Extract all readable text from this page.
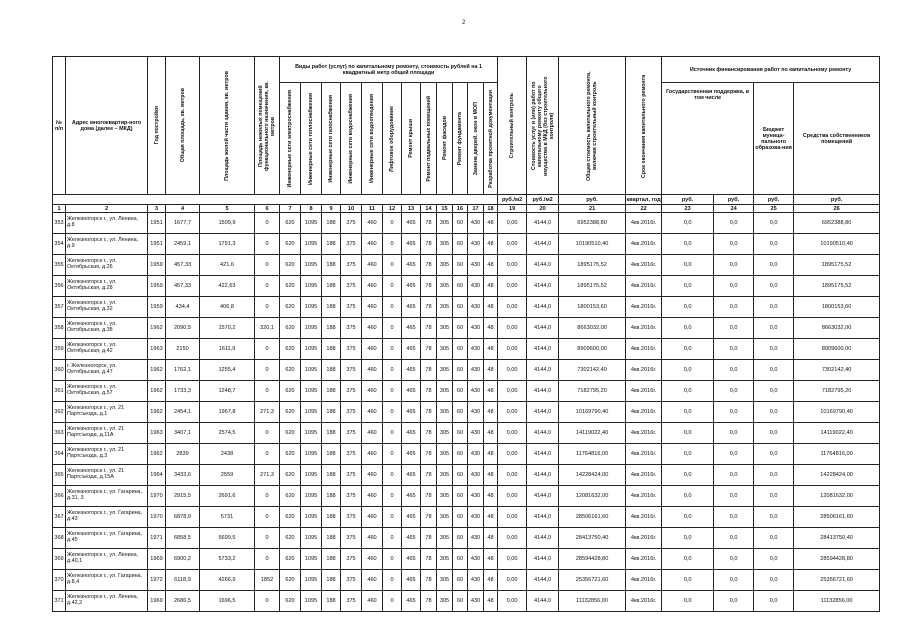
2
№ п/п	Адрес многоквартир-ного дома (далее – МКД)	Год постройки	Общая площадь, кв. метров	Площадь жилой части здания, кв. метров	Площадь нежилых помещений функционального назначения, кв. метров	Виды работ (услуг) по капитальному ремонту, стоимость рублей на 1 квадратный метр общей площади												Строительный контроль	Стоимость услуг и (или) работ по капитальному ремонту общего имущества в МКД (без строительного контроля)	Общая стоимость капитального ремонта, включая строительный контроль	Срок окончания капитального ремонта	Источник финансирования работ по капитальному ремонту			

						Инженерные сети электроснабжения	Инженерные сети теплоснабжения	Инженерные сети газоснабжения	Инженерные сети водоснабжения	Инженерные сети водоотведения	Лифтовое оборудование	Ремонт крыши	Ремонт подвальных помещений	Ремонт фасадов	Ремонт фундамента	Замена дверей, окон в МОП	Разработка проектной документации					Государственная поддержка, в том числе		Бюджет муници-пального образова-ния	Средства собственников помещений
																		руб./м2	руб./м2	руб.	квартал, год	руб.	руб.	руб.	руб.
1	2	3	4	5	6	7	8	9	10	11	12	13	14	15	16	17	18	19	20	21	22	23	24	25	26
353	Железногорск г., ул. Ленина, д.8	1951	1677,7	1509,9	0	620	1095	188	375	460	0	465	78	305	60	430	48	0,00	4144,0	6952388,80	4кв.2016г.	0,0	0,0	0,0	6952388,80
354	Железногорск г., ул. Ленина, д.9	1951	2459,1	1791,3	0	620	1095	188	375	460	0	465	78	305	60	430	48	0,00	4144,0	10190510,40	4кв.2016г.	0,0	0,0	0,0	10190510,40
355	Железногорск г., ул. Октябрьская, д.26	1959	457,33	421,6	0	620	1095	188	375	460	0	465	78	305	60	430	48	0,00	4144,0	1895175,52	4кв.2016г.	0,0	0,0	0,0	1895175,52
356	Железногорск г., ул. Октябрьская, д.28	1959	457,33	422,63	0	620	1095	188	375	460	0	465	78	305	60	430	48	0,00	4144,0	1895175,52	4кв.2016г.	0,0	0,0	0,0	1895175,52
357	Железногорск г., ул. Октябрьская, д.32	1959	434,4	406,8	0	620	1095	188	375	460	0	465	78	305	60	430	48	0,00	4144,0	1800153,60	4кв.2016г.	0,0	0,0	0,0	1800153,60
358	Железногорск г., ул. Октябрьская, д.38	1962	2090,5	1570,2	320,1	620	1095	188	375	460	0	465	78	305	60	430	48	0,00	4144,0	8663032,00	4кв.2016г.	0,0	0,0	0,0	8663032,00
359	Железногорск г., ул. Октябрьская, д.42	1963	2150	1611,9	0	620	1095	188	375	460	0	465	78	305	60	430	48	0,00	4144,0	8909600,00	4кв.2016г.	0,0	0,0	0,0	8909600,00
360	г. Железногорск, ул. Октябрьская, д.47	1962	1762,1	1255,4	0	620	1095	188	375	460	0	465	78	305	60	430	48	0,00	4144,0	7302142,40	4кв.2016г.	0,0	0,0	0,0	7302142,40
361	Железногорск г., ул. Октябрьская, д.57	1962	1733,3	1248,7	0	620	1095	188	375	460	0	465	78	305	60	430	48	0,00	4144,0	7182795,20	4кв.2016г.	0,0	0,0	0,0	7182795,20
362	Железногорск г., ул. 21 Партсъезда, д.1	1962	2454,1	1967,8	271,3	620	1095	188	375	460	0	465	78	305	60	430	48	0,00	4144,0	10169790,40	4кв.2016г.	0,0	0,0	0,0	10169790,40
363	Железногорск г., ул. 21 Партсъезда, д.11А	1963	3407,1	2574,5	0	620	1095	188	375	460	0	465	78	305	60	430	48	0,00	4144,0	14119022,40	4кв.2016г.	0,0	0,0	0,0	14119022,40
364	Железногорск г., ул. 21 Партсъезда, д.3	1962	2839	2438	0	620	1095	188	375	460	0	465	78	305	60	430	48	0,00	4144,0	11764816,00	4кв.2016г.	0,0	0,0	0,0	11764816,00
365	Железногорск г., ул. 21 Партсъезда, д.15А	1964	3433,6	2559	271,3	620	1095	188	375	460	0	465	78	305	60	430	48	0,00	4144,0	14228424,00	4кв.2016г.	0,0	0,0	0,0	14228424,00
366	Железногорск г., ул. Гагарина, д.31, 3	1970	2915,5	2691,6	0	620	1095	188	375	460	0	465	78	305	60	430	48	0,00	4144,0	12081632,00	4кв.2016г.	0,0	0,0	0,0	12081632,00
367	Железногорск г., ул. Гагарина, д.43	1970	6878,9	5731	0	620	1095	188	375	460	0	465	78	305	60	430	48	0,00	4144,0	28506161,60	4кв.2016г.	0,0	0,0	0,0	28506161,60
368	Железногорск г., ул. Гагарина, д.45	1971	6858,5	5699,5	0	620	1095	188	375	460	0	465	78	305	60	430	48	0,00	4144,0	28413750,40	4кв.2016г.	0,0	0,0	0,0	28413750,40
369	Железногорск г., ул. Ленина, д.40,1	1969	6900,2	5733,2	0	620	1095	188	375	460	0	465	78	305	60	430	48	0,00	4144,0	28594428,80	4кв.2016г.	0,0	0,0	0,0	28594428,80
370	Железногорск г., ул. Гагарина, д.8,4	1972	6118,9	4266,9	1852	620	1095	188	375	460	0	465	78	305	60	430	48	0,00	4144,0	25356721,60	4кв.2016г.	0,0	0,0	0,0	25356721,60
371	Железногорск г., ул. Ленина, д.42,2	1969	2686,5	1696,5	0	620	1095	188	375	460	0	465	78	305	60	430	48	0,00	4144,0	11132856,00	4кв.2016г.	0,0	0,0	0,0	11132856,00
